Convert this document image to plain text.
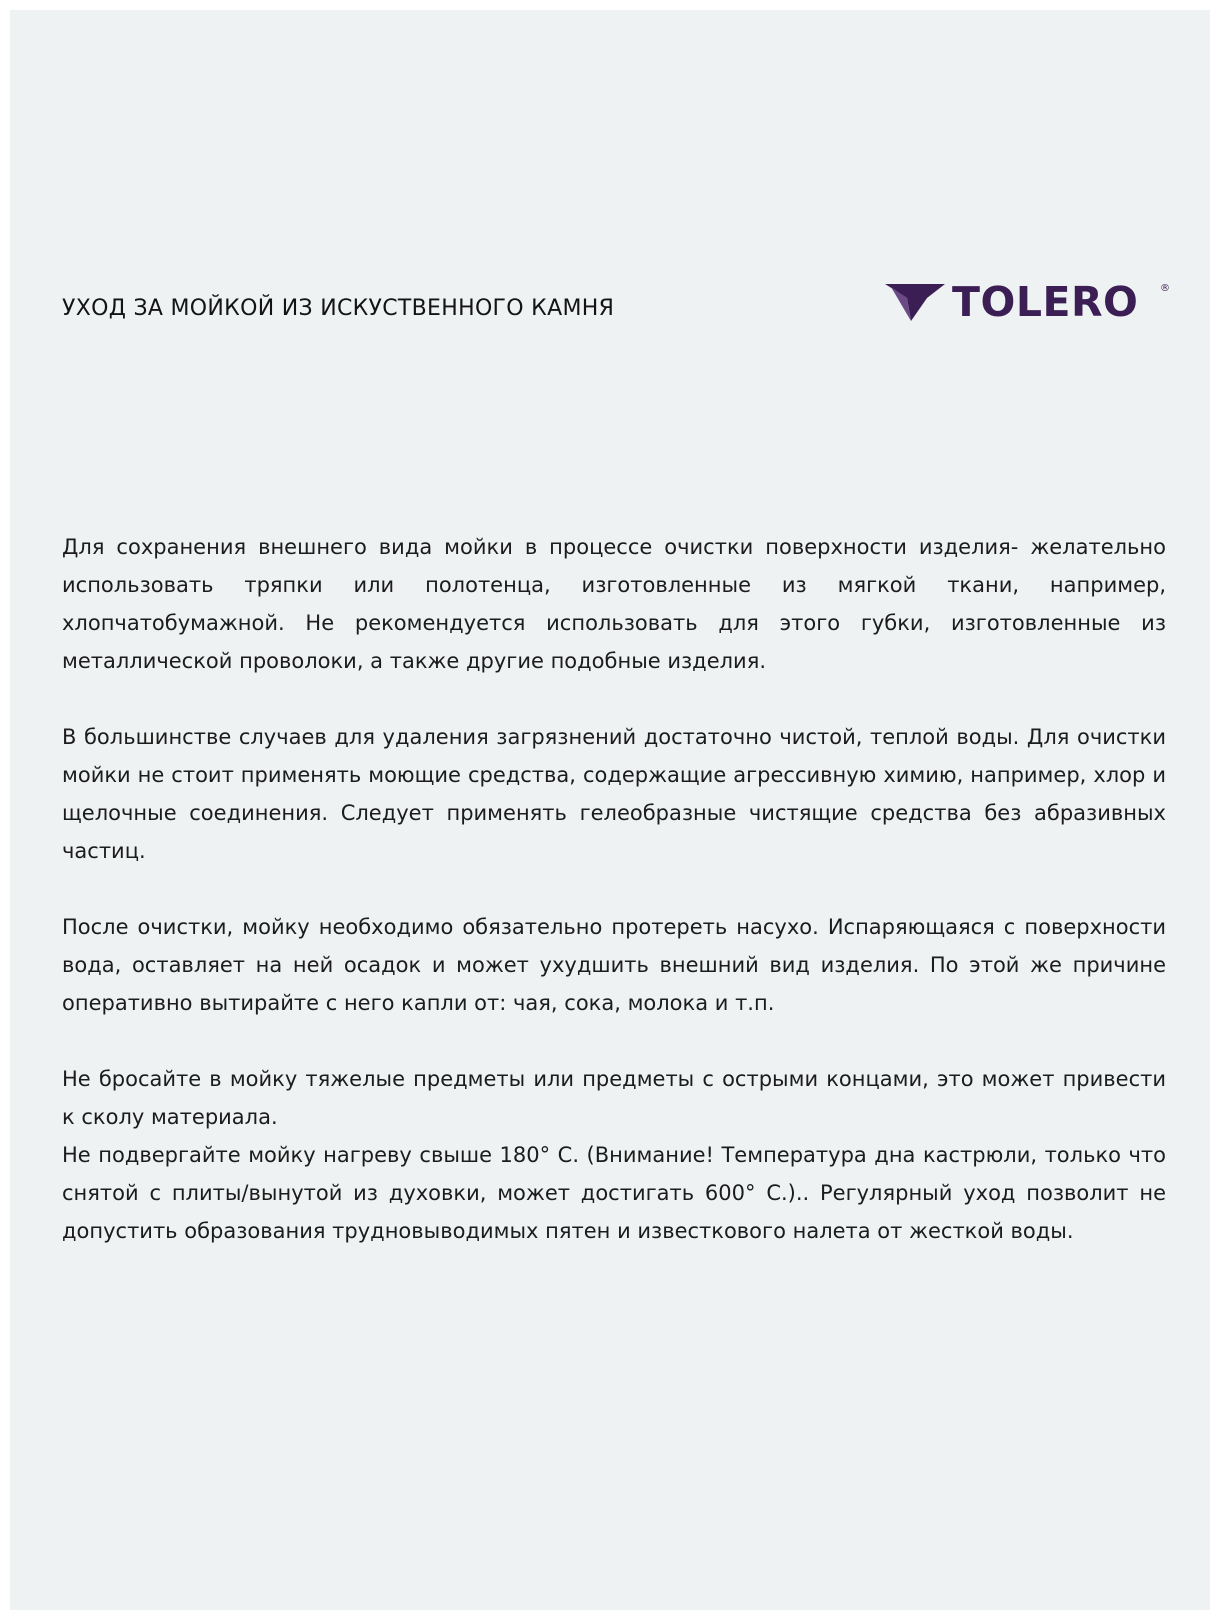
УХОД ЗА МОЙКОЙ ИЗ ИСКУСТВЕННОГО КАМНЯ	TOLERO ®

Для сохранения внешнего вида мойки в процессе очистки поверхности изделия- желательно использовать тряпки или полотенца, изготовленные из мягкой ткани, например, хлопчатобумажной. Не рекомендуется использовать для этого губки, изготовленные из металлической проволоки, а также другие подобные изделия.

В большинстве случаев для удаления загрязнений достаточно чистой, теплой воды. Для очистки мойки не стоит применять моющие средства, содержащие агрессивную химию, например, хлор и щелочные соединения. Следует применять гелеобразные чистящие средства без абразивных частиц.

После очистки, мойку необходимо обязательно протереть насухо. Испаряющаяся с поверхности вода, оставляет на ней осадок и может ухудшить внешний вид изделия. По этой же причине оперативно вытирайте с него капли от: чая, сока, молока и т.п.

Не бросайте в мойку тяжелые предметы или предметы с острыми концами, это может привести к сколу материала.

Не подвергайте мойку нагреву свыше 180° С. (Внимание! Температура дна кастрюли, только что снятой с плиты/вынутой из духовки, может достигать 600° С.).. Регулярный уход позволит не допустить образования трудновыводимых пятен и известкового налета от жесткой воды.
